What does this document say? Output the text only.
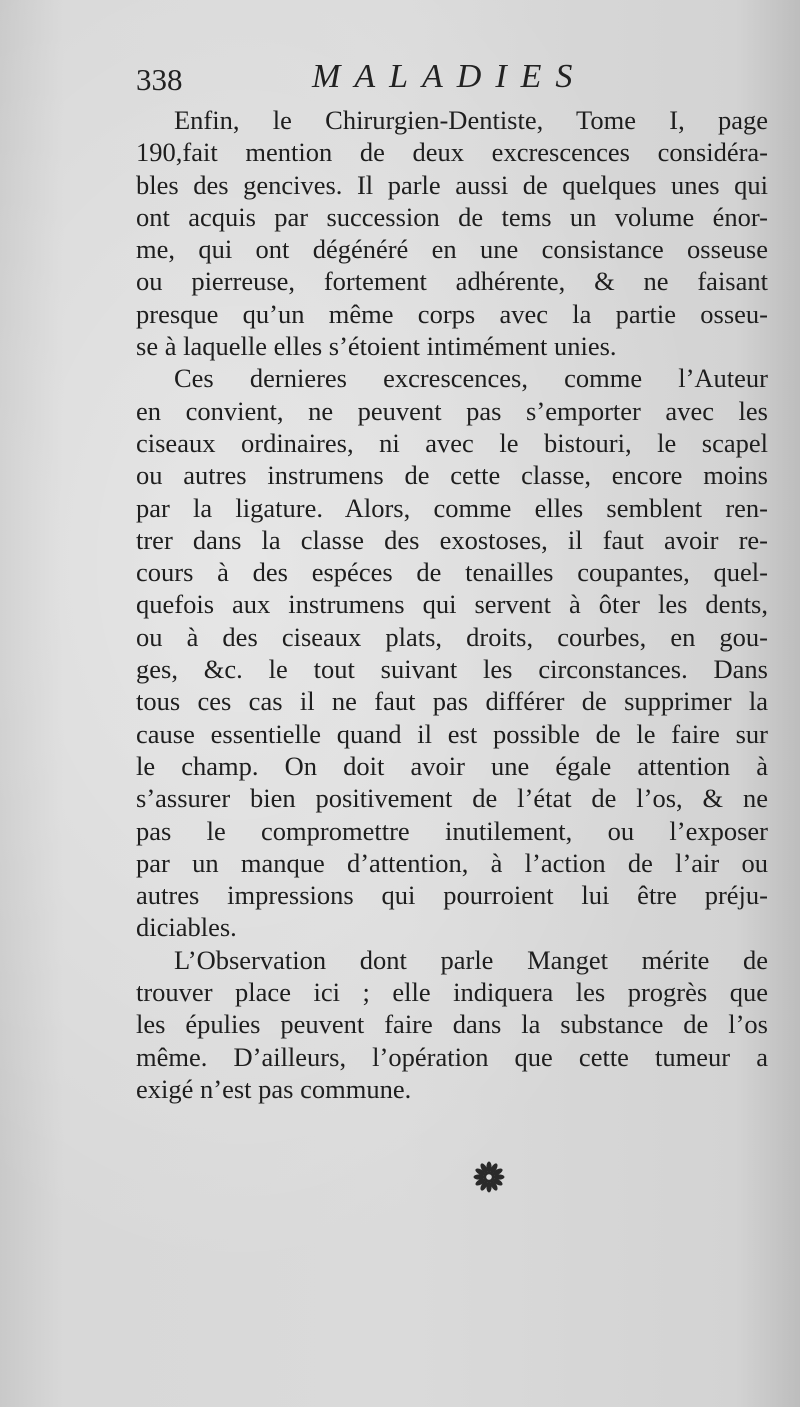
338	MALADIES
Enfin, le Chirurgien-Dentiste, Tome I, page
190,fait mention de deux excrescences considéra-
bles des gencives. Il parle aussi de quelques unes qui
ont acquis par succession de tems un volume énor-
me, qui ont dégénéré en une consistance osseuse
ou pierreuse, fortement adhérente, & ne faisant
presque qu’un même corps avec la partie osseu-
se à laquelle elles s’étoient intimément unies.
Ces dernieres excrescences, comme l’Auteur
en convient, ne peuvent pas s’emporter avec les
ciseaux ordinaires, ni avec le bistouri, le scapel
ou autres instrumens de cette classe, encore moins
par la ligature. Alors, comme elles semblent ren-
trer dans la classe des exostoses, il faut avoir re-
cours à des espéces de tenailles coupantes, quel-
quefois aux instrumens qui servent à ôter les dents,
ou à des ciseaux plats, droits, courbes, en gou-
ges, &c. le tout suivant les circonstances. Dans
tous ces cas il ne faut pas différer de supprimer la
cause essentielle quand il est possible de le faire sur
le champ. On doit avoir une égale attention à
s’assurer bien positivement de l’état de l’os, & ne
pas le compromettre inutilement, ou l’exposer
par un manque d’attention, à l’action de l’air ou
autres impressions qui pourroient lui être préju-
diciables.
L’Observation dont parle Manget mérite de
trouver place ici ; elle indiquera les progrès que
les épulies peuvent faire dans la substance de l’os
même. D’ailleurs, l’opération que cette tumeur a
exigé n’est pas commune.
